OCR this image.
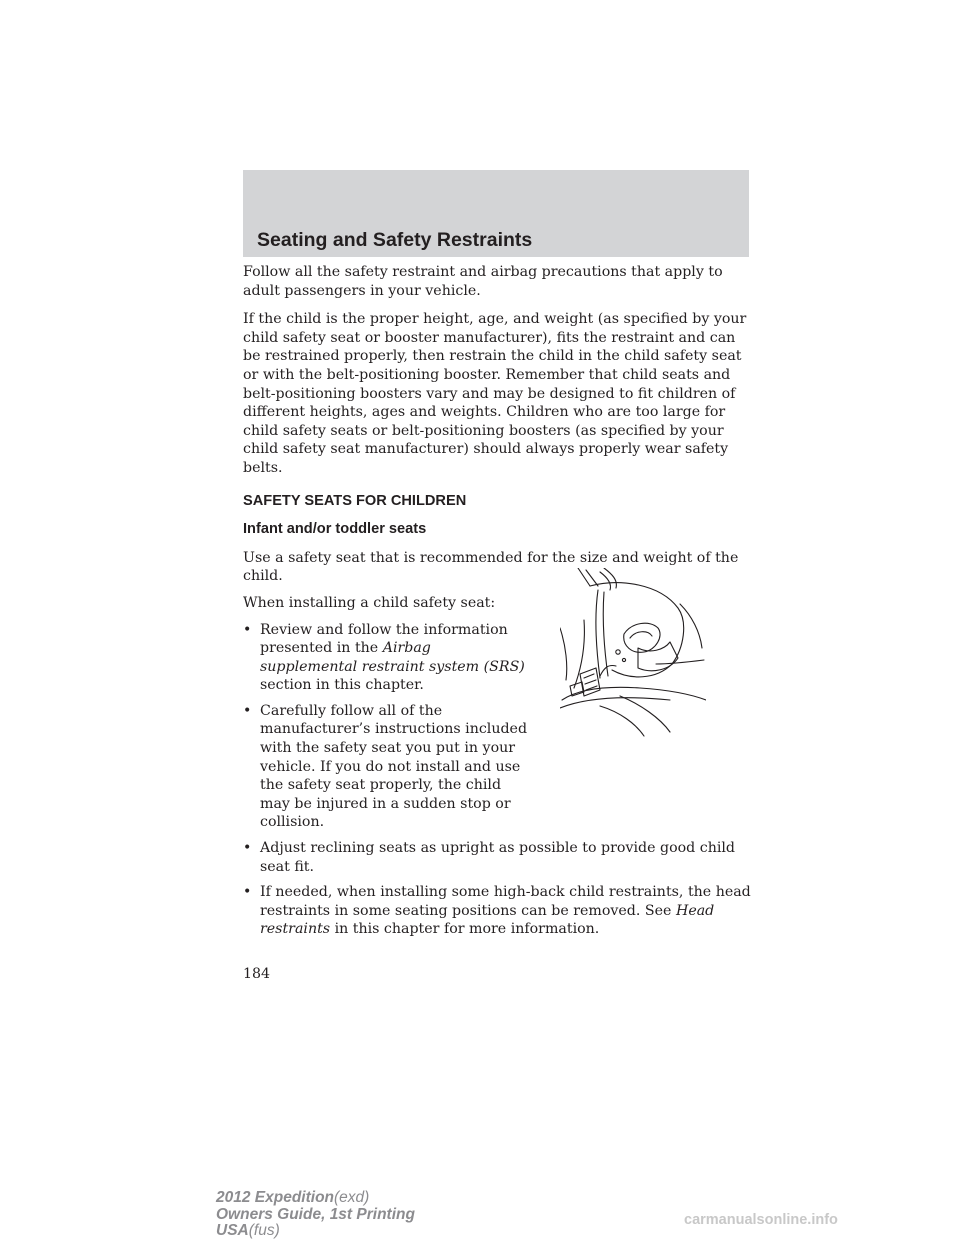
Seating and Safety Restraints

Follow all the safety restraint and airbag precautions that apply to adult passengers in your vehicle.

If the child is the proper height, age, and weight (as specified by your child safety seat or booster manufacturer), fits the restraint and can be restrained properly, then restrain the child in the child safety seat or with the belt-positioning booster. Remember that child seats and belt-positioning boosters vary and may be designed to fit children of different heights, ages and weights. Children who are too large for child safety seats or belt-positioning boosters (as specified by your child safety seat manufacturer) should always properly wear safety belts.

SAFETY SEATS FOR CHILDREN
Infant and/or toddler seats

Use a safety seat that is recommended for the size and weight of the child.

When installing a child safety seat:

• Review and follow the information presented in the Airbag supplemental restraint system (SRS) section in this chapter.
• Carefully follow all of the manufacturer’s instructions included with the safety seat you put in your vehicle. If you do not install and use the safety seat properly, the child may be injured in a sudden stop or collision.
• Adjust reclining seats as upright as possible to provide good child seat fit.
• If needed, when installing some high-back child restraints, the head restraints in some seating positions can be removed. See Head restraints in this chapter for more information.
184
2012 Expedition(exd)
Owners Guide, 1st Printing
USA(fus)
carmanualsonline.info
